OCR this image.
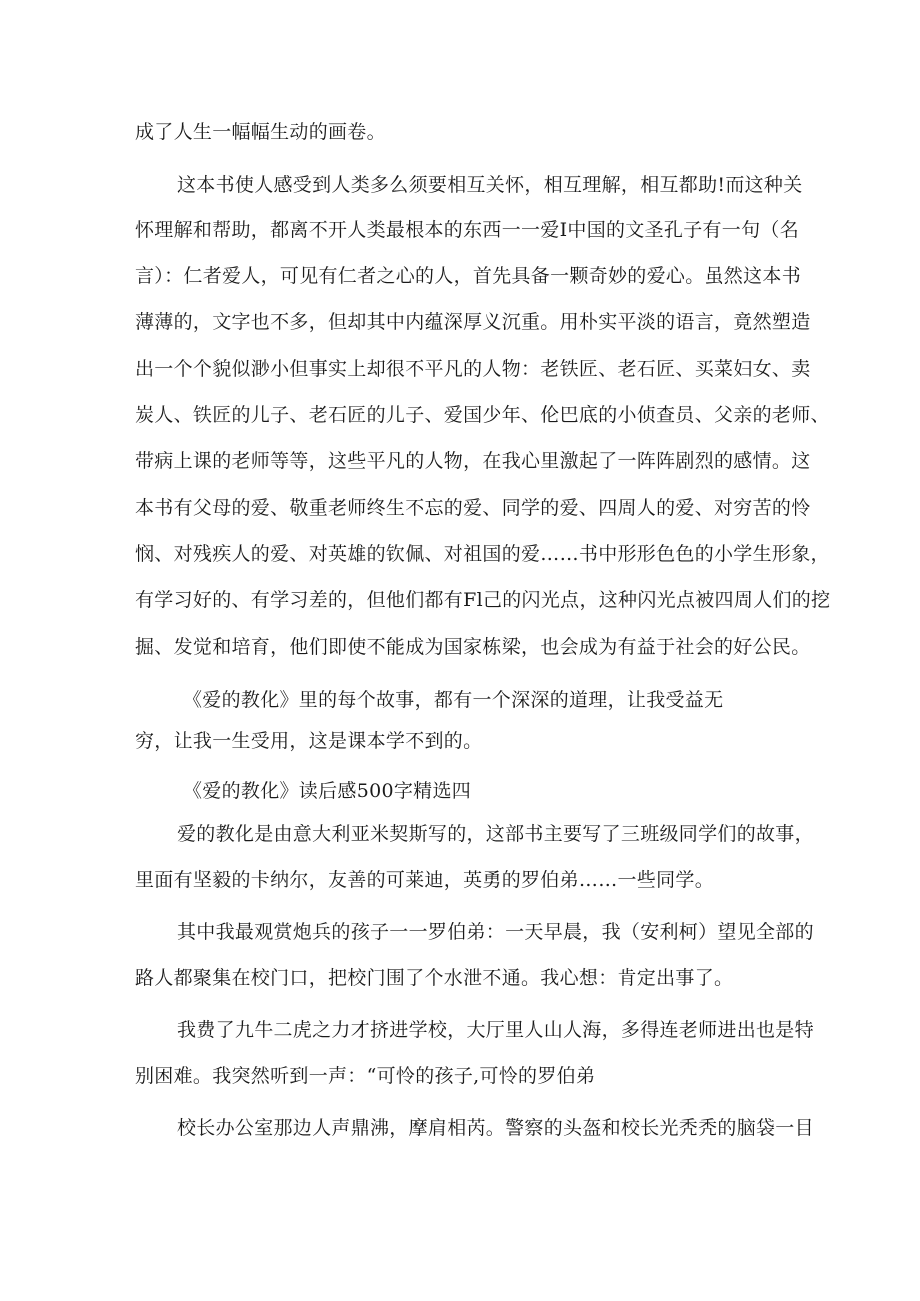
成了人生一幅幅生动的画卷。
这本书使人感受到人类多么须要相互关怀，相互理解，相互都助!而这种关
怀理解和帮助，都离不开人类最根本的东西一一爱I中国的文圣孔子有一句（名
言）：仁者爱人，可见有仁者之心的人，首先具备一颗奇妙的爱心。虽然这本书
薄薄的，文字也不多，但却其中内蕴深厚义沉重。用朴实平淡的语言，竟然塑造
出一个个貌似渺小但事实上却很不平凡的人物：老铁匠、老石匠、买菜妇女、卖
炭人、铁匠的儿子、老石匠的儿子、爱国少年、伦巴底的小侦查员、父亲的老师、
带病上课的老师等等，这些平凡的人物，在我心里激起了一阵阵剧烈的感情。这
本书有父母的爱、敬重老师终生不忘的爱、同学的爱、四周人的爱、对穷苦的怜
悯、对残疾人的爱、对英雄的钦佩、对祖国的爱……书中形形色色的小学生形象，
有学习好的、有学习差的，但他们都有Fl己的闪光点，这种闪光点被四周人们的挖
掘、发觉和培育，他们即使不能成为国家栋梁，也会成为有益于社会的好公民。
《爱的教化》里的每个故事，都有一个深深的道理，让我受益无
穷，让我一生受用，这是课本学不到的。
《爱的教化》读后感500字精选四
爱的教化是由意大利亚米契斯写的，这部书主要写了三班级同学们的故事，
里面有坚毅的卡纳尔，友善的可莱迪，英勇的罗伯弟……一些同学。
其中我最观赏炮兵的孩子一一罗伯弟：一天早晨，我（安利柯）望见全部的
路人都聚集在校门口，把校门围了个水泄不通。我心想：肯定出事了。
我费了九牛二虎之力才挤进学校，大厅里人山人海，多得连老师进出也是特
别困难。我突然听到一声：“可怜的孩子,可怜的罗伯弟
校长办公室那边人声鼎沸，摩肩相芮。警察的头盔和校长光秃秃的脑袋一目
